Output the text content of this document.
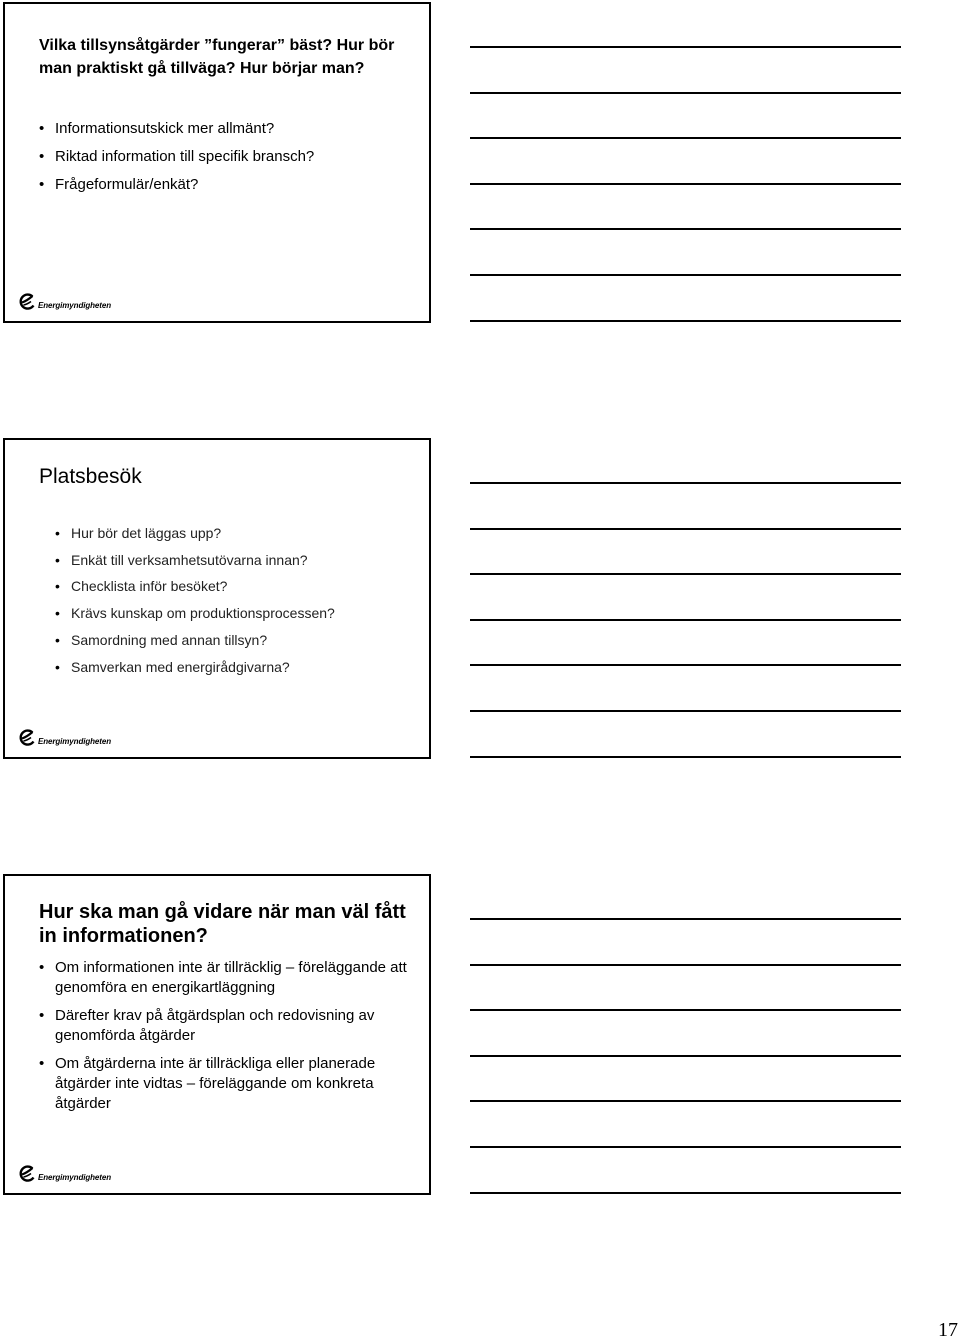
Vilka tillsynsåtgärder ”fungerar” bäst? Hur bör man praktiskt gå tillväga? Hur börjar man?
• Informationsutskick mer allmänt?
• Riktad information till specifik bransch?
• Frågeformulär/enkät?
Energimyndigheten
Platsbesök
• Hur bör det läggas upp?
• Enkät till verksamhetsutövarna innan?
• Checklista inför besöket?
• Krävs kunskap om produktionsprocessen?
• Samordning med annan tillsyn?
• Samverkan med energirådgivarna?
Energimyndigheten
Hur ska man gå vidare när man väl fått in informationen?
• Om informationen inte är tillräcklig – föreläggande att genomföra en energikartläggning
• Därefter krav på åtgärdsplan och redovisning av genomförda åtgärder
• Om åtgärderna inte är tillräckliga eller planerade åtgärder inte vidtas – föreläggande om konkreta åtgärder
Energimyndigheten
17
